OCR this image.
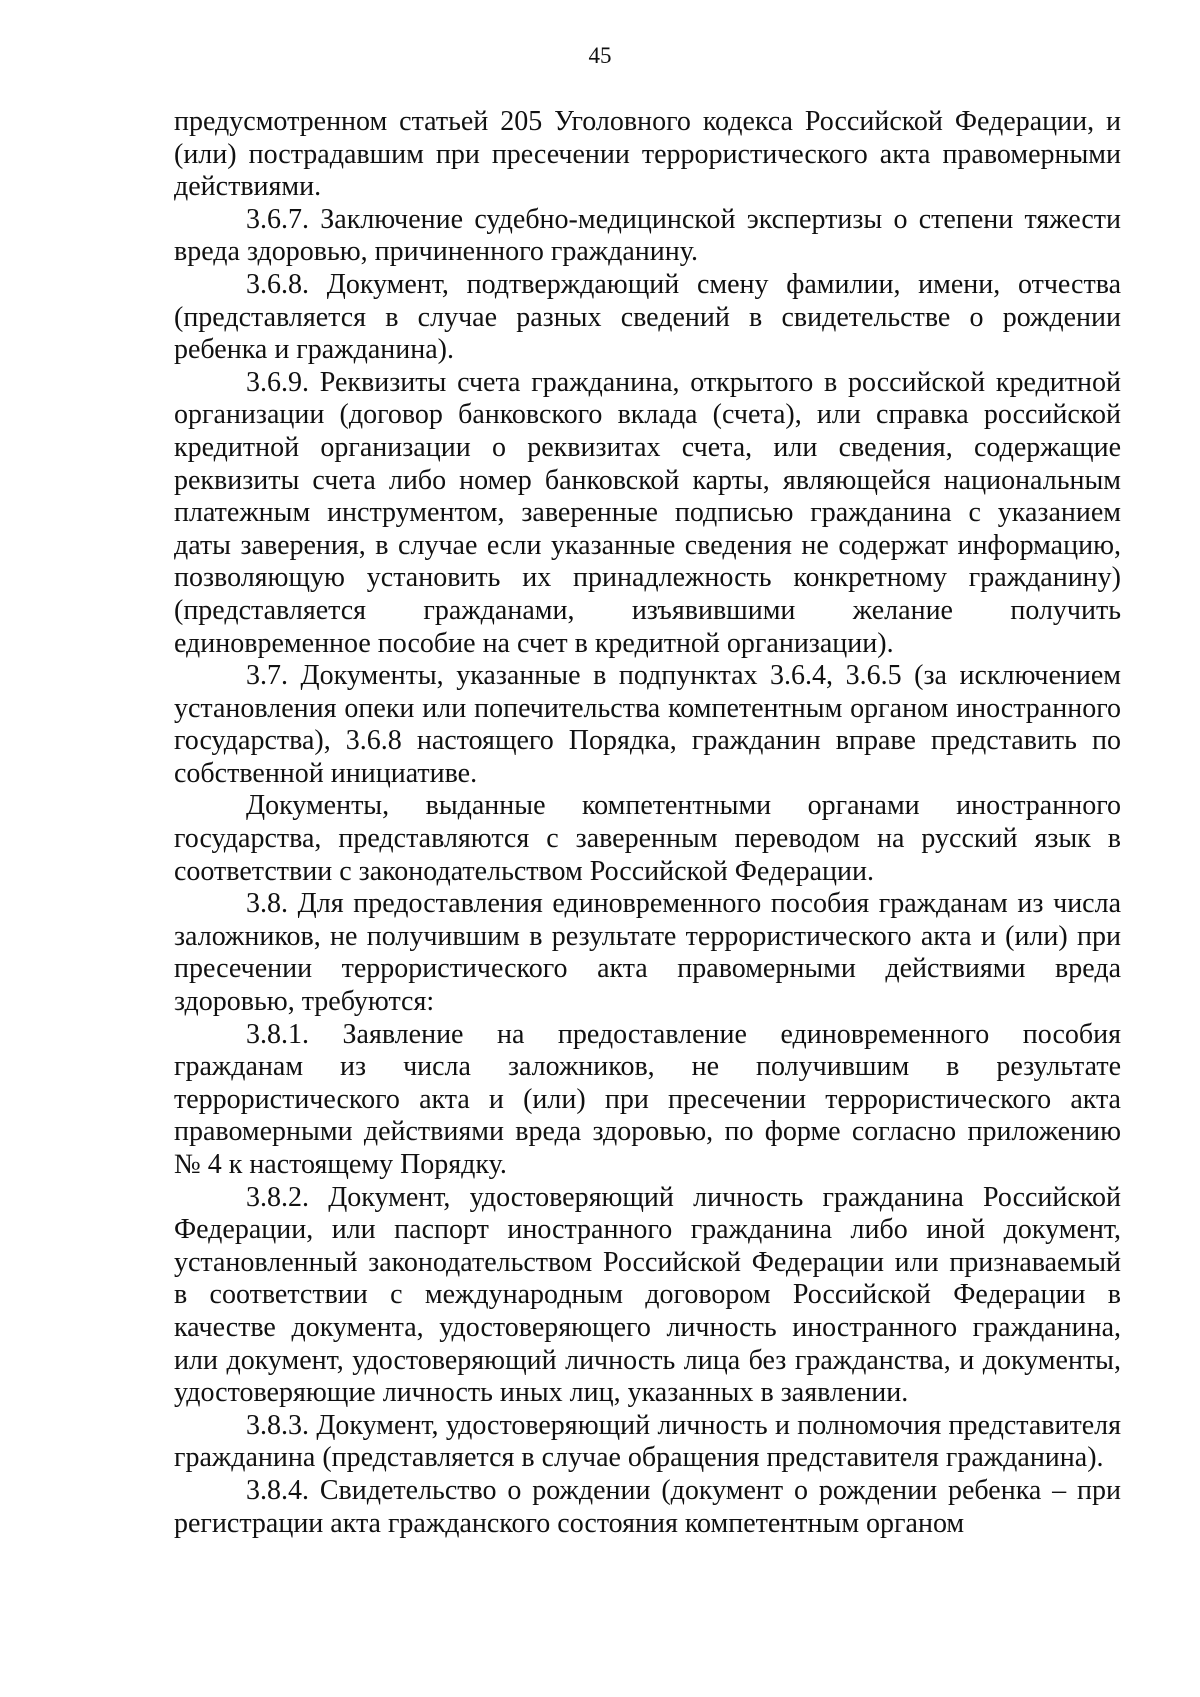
45

предусмотренном статьей 205 Уголовного кодекса Российской Федерации, и (или) пострадавшим при пресечении террористического акта правомерными действиями.

3.6.7. Заключение судебно-медицинской экспертизы о степени тяжести вреда здоровью, причиненного гражданину.

3.6.8. Документ, подтверждающий смену фамилии, имени, отчества (представляется в случае разных сведений в свидетельстве о рождении ребенка и гражданина).

3.6.9. Реквизиты счета гражданина, открытого в российской кредитной организации (договор банковского вклада (счета), или справка российской кредитной организации о реквизитах счета, или сведения, содержащие реквизиты счета либо номер банковской карты, являющейся национальным платежным инструментом, заверенные подписью гражданина с указанием даты заверения, в случае если указанные сведения не содержат информацию, позволяющую установить их принадлежность конкретному гражданину) (представляется гражданами, изъявившими желание получить единовременное пособие на счет в кредитной организации).

3.7. Документы, указанные в подпунктах 3.6.4, 3.6.5 (за исключением установления опеки или попечительства компетентным органом иностранного государства), 3.6.8 настоящего Порядка, гражданин вправе представить по собственной инициативе.

Документы, выданные компетентными органами иностранного государства, представляются с заверенным переводом на русский язык в соответствии с законодательством Российской Федерации.

3.8. Для предоставления единовременного пособия гражданам из числа заложников, не получившим в результате террористического акта и (или) при пресечении террористического акта правомерными действиями вреда здоровью, требуются:

3.8.1. Заявление на предоставление единовременного пособия гражданам из числа заложников, не получившим в результате террористического акта и (или) при пресечении террористического акта правомерными действиями вреда здоровью, по форме согласно приложению № 4 к настоящему Порядку.

3.8.2. Документ, удостоверяющий личность гражданина Российской Федерации, или паспорт иностранного гражданина либо иной документ, установленный законодательством Российской Федерации или признаваемый в соответствии с международным договором Российской Федерации в качестве документа, удостоверяющего личность иностранного гражданина, или документ, удостоверяющий личность лица без гражданства, и документы, удостоверяющие личность иных лиц, указанных в заявлении.

3.8.3. Документ, удостоверяющий личность и полномочия представителя гражданина (представляется в случае обращения представителя гражданина).

3.8.4. Свидетельство о рождении (документ о рождении ребенка – при регистрации акта гражданского состояния компетентным органом
